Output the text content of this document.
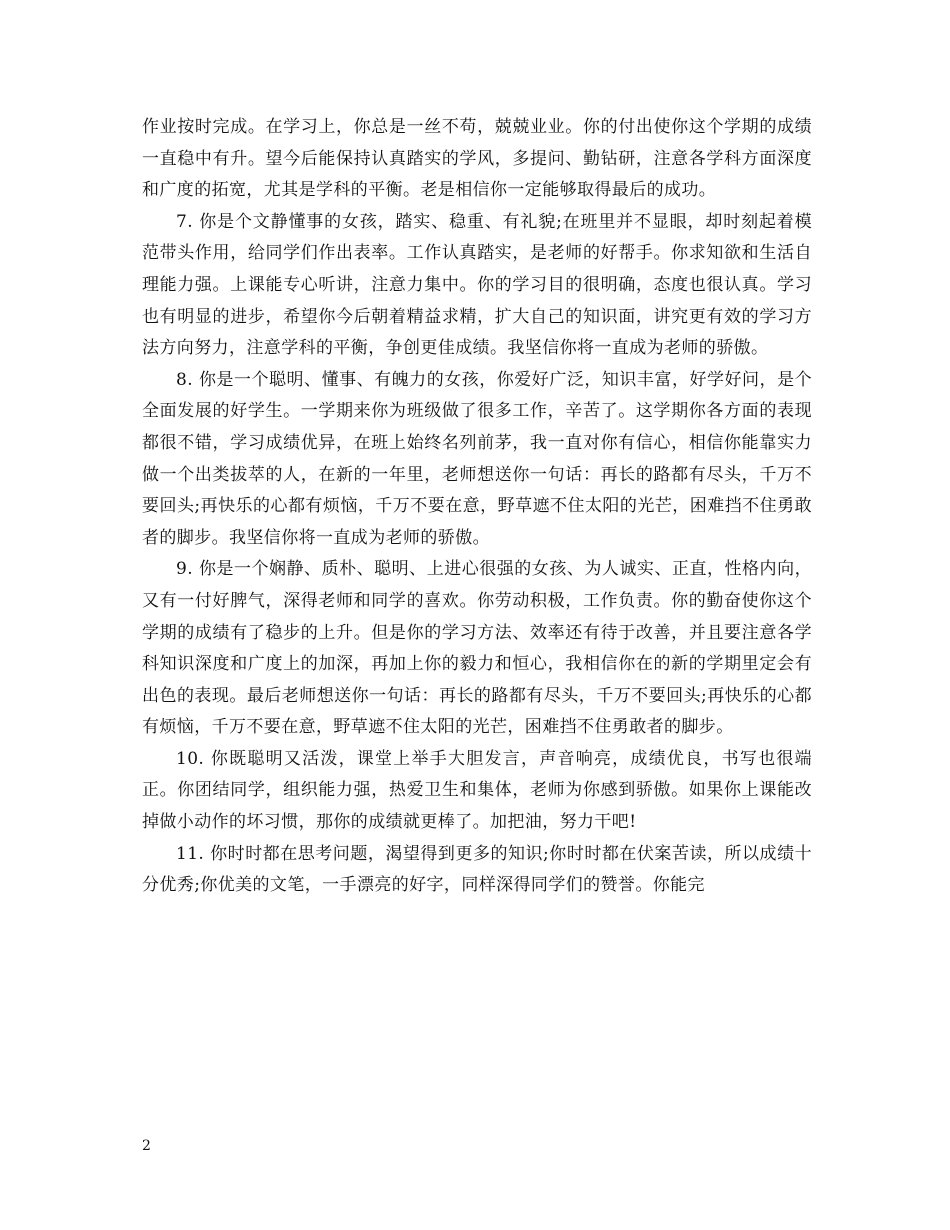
作业按时完成。在学习上，你总是一丝不苟，兢兢业业。你的付出使你这个学期的成绩一直稳中有升。望今后能保持认真踏实的学风，多提问、勤钻研，注意各学科方面深度和广度的拓宽，尤其是学科的平衡。老是相信你一定能够取得最后的成功。

7. 你是个文静懂事的女孩，踏实、稳重、有礼貌;在班里并不显眼，却时刻起着模范带头作用，给同学们作出表率。工作认真踏实，是老师的好帮手。你求知欲和生活自理能力强。上课能专心听讲，注意力集中。你的学习目的很明确，态度也很认真。学习也有明显的进步，希望你今后朝着精益求精，扩大自己的知识面，讲究更有效的学习方法方向努力，注意学科的平衡，争创更佳成绩。我坚信你将一直成为老师的骄傲。

8. 你是一个聪明、懂事、有魄力的女孩，你爱好广泛，知识丰富，好学好问，是个全面发展的好学生。一学期来你为班级做了很多工作，辛苦了。这学期你各方面的表现都很不错，学习成绩优异，在班上始终名列前茅，我一直对你有信心，相信你能靠实力做一个出类拔萃的人，在新的一年里，老师想送你一句话：再长的路都有尽头，千万不要回头;再快乐的心都有烦恼，千万不要在意，野草遮不住太阳的光芒，困难挡不住勇敢者的脚步。我坚信你将一直成为老师的骄傲。

9. 你是一个娴静、质朴、聪明、上进心很强的女孩、为人诚实、正直，性格内向，又有一付好脾气，深得老师和同学的喜欢。你劳动积极，工作负责。你的勤奋使你这个学期的成绩有了稳步的上升。但是你的学习方法、效率还有待于改善，并且要注意各学科知识深度和广度上的加深，再加上你的毅力和恒心，我相信你在的新的学期里定会有出色的表现。最后老师想送你一句话：再长的路都有尽头，千万不要回头;再快乐的心都有烦恼，千万不要在意，野草遮不住太阳的光芒，困难挡不住勇敢者的脚步。

10. 你既聪明又活泼，课堂上举手大胆发言，声音响亮，成绩优良，书写也很端正。你团结同学，组织能力强，热爱卫生和集体，老师为你感到骄傲。如果你上课能改掉做小动作的坏习惯，那你的成绩就更棒了。加把油，努力干吧!

11. 你时时都在思考问题，渴望得到更多的知识;你时时都在伏案苦读，所以成绩十分优秀;你优美的文笔，一手漂亮的好字，同样深得同学们的赞誉。你能完

2
